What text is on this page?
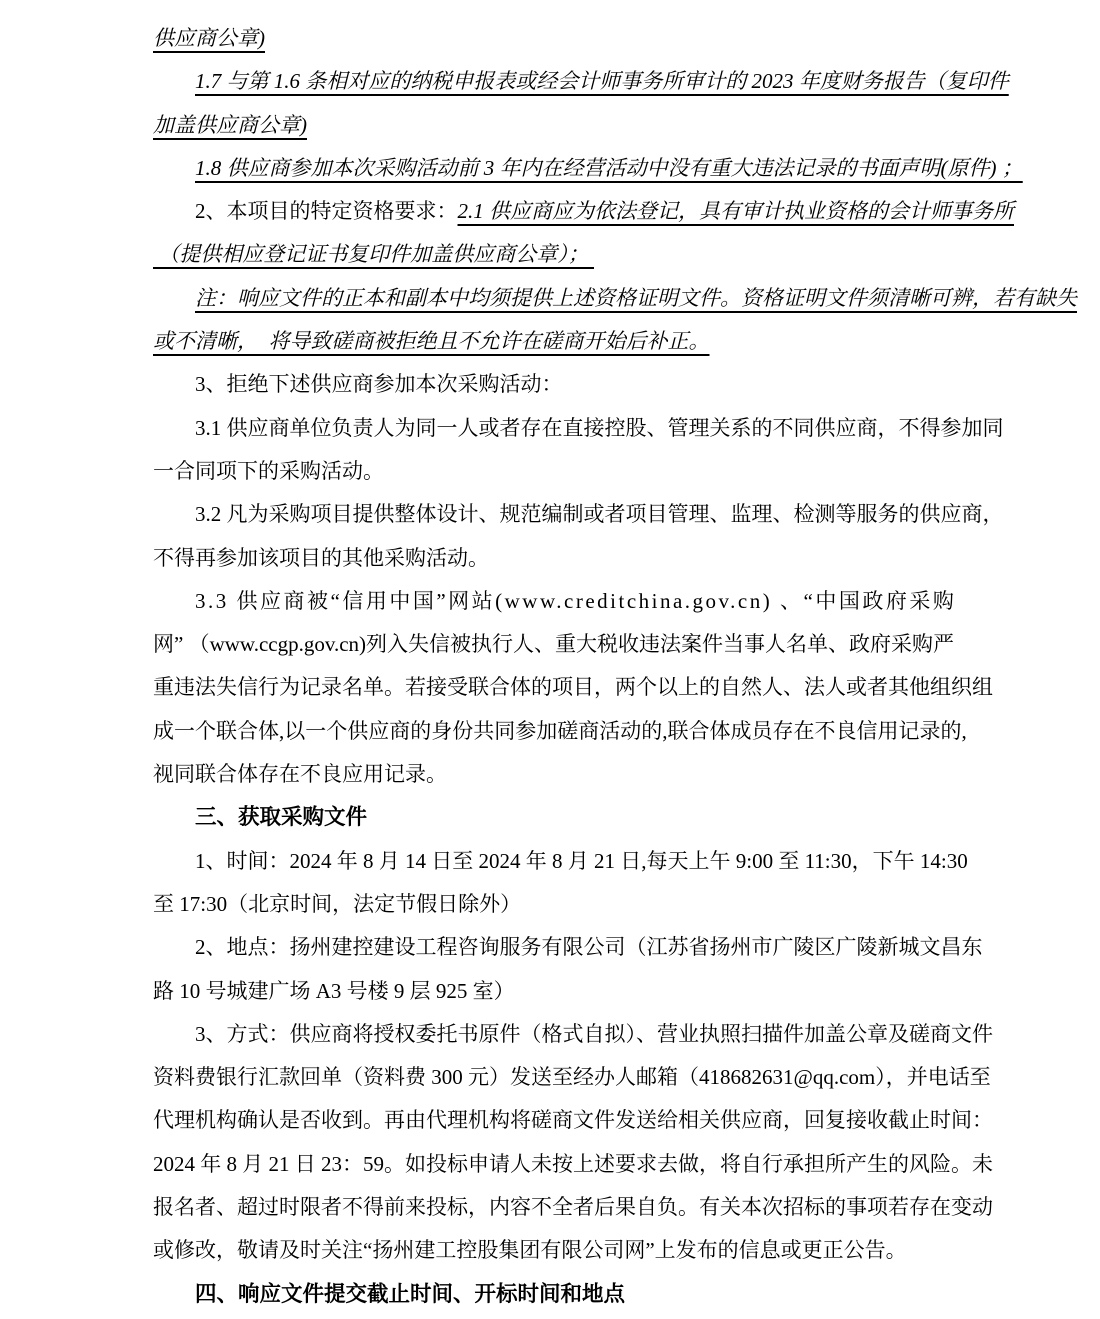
供应商公章)
1.7 与第 1.6 条相对应的纳税申报表或经会计师事务所审计的 2023 年度财务报告（复印件
加盖供应商公章)
1.8 供应商参加本次采购活动前 3 年内在经营活动中没有重大违法记录的书面声明(原件) ；
2、本项目的特定资格要求：2.1 供应商应为依法登记，具有审计执业资格的会计师事务所
（提供相应登记证书复印件加盖供应商公章）；
注：响应文件的正本和副本中均须提供上述资格证明文件。资格证明文件须清晰可辨，若有缺失
或不清晰，  将导致磋商被拒绝且不允许在磋商开始后补正。
3、拒绝下述供应商参加本次采购活动：
3.1 供应商单位负责人为同一人或者存在直接控股、管理关系的不同供应商，不得参加同
一合同项下的采购活动。
3.2 凡为采购项目提供整体设计、规范编制或者项目管理、监理、检测等服务的供应商，
不得再参加该项目的其他采购活动。
3.3 供应商被“信用中国”网站(www.creditchina.gov.cn) 、“中国政府采购
网” （www.ccgp.gov.cn)列入失信被执行人、重大税收违法案件当事人名单、政府采购严
重违法失信行为记录名单。若接受联合体的项目，两个以上的自然人、法人或者其他组织组
成一个联合体,以一个供应商的身份共同参加磋商活动的,联合体成员存在不良信用记录的,
视同联合体存在不良应用记录。
三、获取采购文件
1、时间：2024 年 8 月 14 日至 2024 年 8 月 21 日,每天上午 9:00 至 11:30，下午 14:30
至 17:30（北京时间，法定节假日除外）
2、地点：扬州建控建设工程咨询服务有限公司（江苏省扬州市广陵区广陵新城文昌东
路 10 号城建广场 A3 号楼 9 层 925 室）
3、方式：供应商将授权委托书原件（格式自拟）、营业执照扫描件加盖公章及磋商文件
资料费银行汇款回单（资料费 300 元）发送至经办人邮箱（418682631@qq.com），并电话至
代理机构确认是否收到。再由代理机构将磋商文件发送给相关供应商，回复接收截止时间：
2024 年 8 月 21 日 23：59。如投标申请人未按上述要求去做，将自行承担所产生的风险。未
报名者、超过时限者不得前来投标，内容不全者后果自负。有关本次招标的事项若存在变动
或修改，敬请及时关注“扬州建工控股集团有限公司网”上发布的信息或更正公告。
四、响应文件提交截止时间、开标时间和地点
